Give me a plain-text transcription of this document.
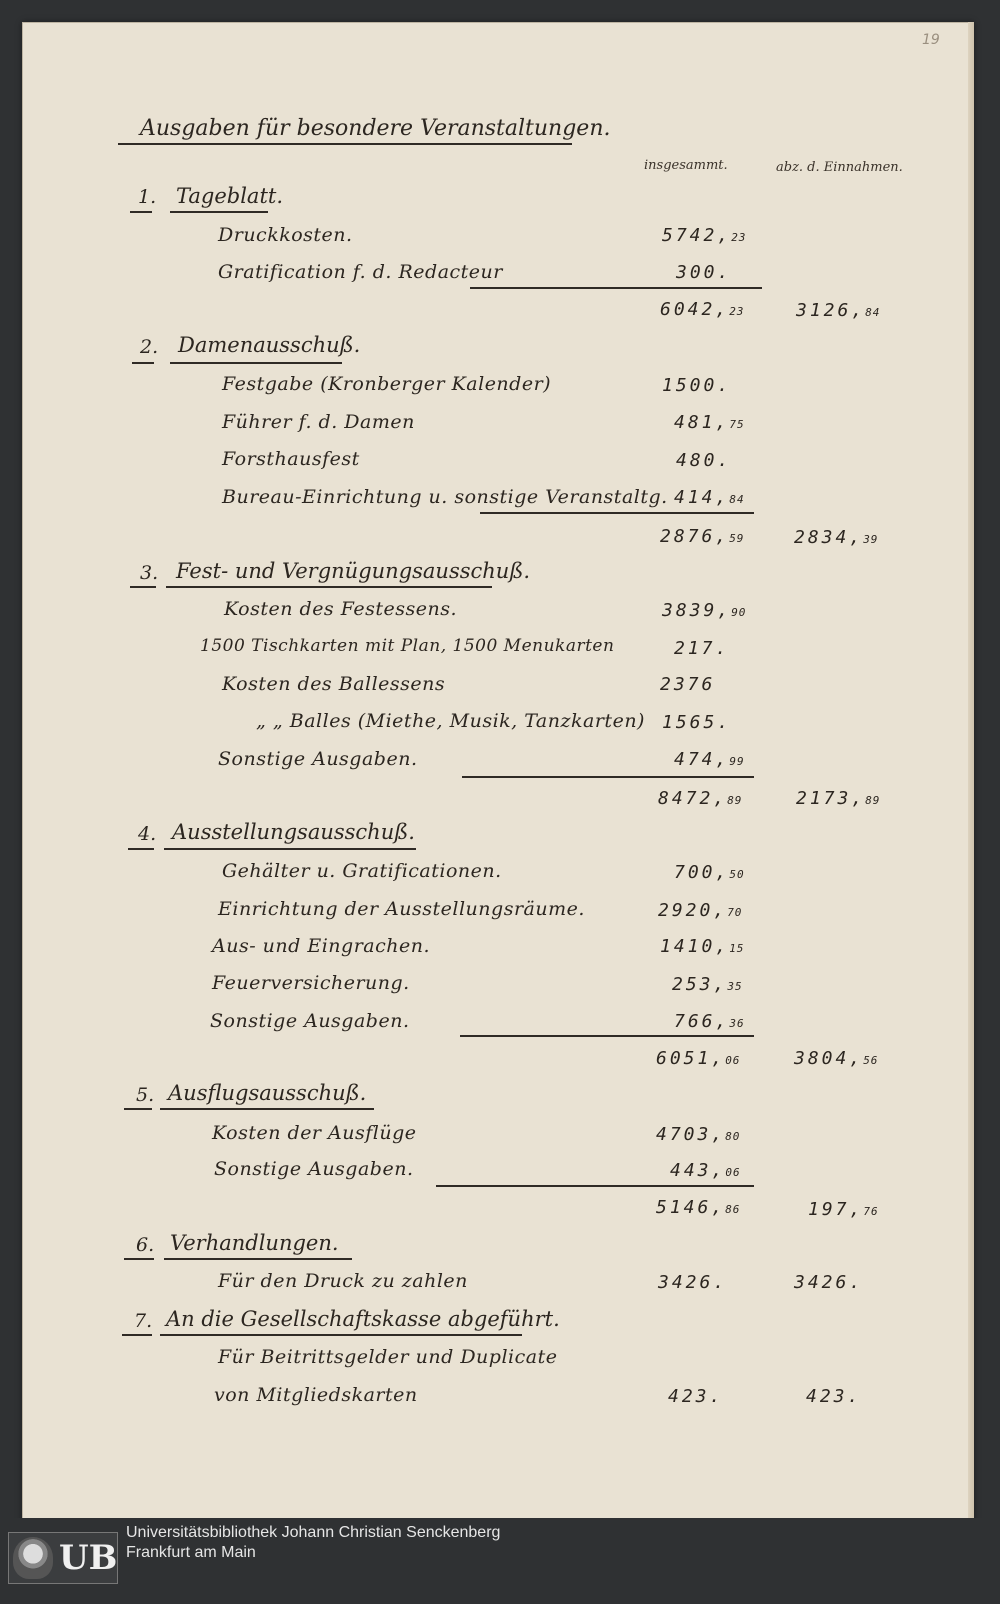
19
Ausgaben für besondere Veranstaltungen.
insgesammt.	abz. d. Einnahmen.
1. Tageblatt.
Druckkosten.	5742,23
Gratification f. d. Redacteur	300.
6042,23	3126,84
2. Damenausschuß.
Festgabe (Kronberger Kalender)	1500.
Führer f. d. Damen	481,75
Forsthausfest	480.
Bureau-Einrichtung u. sonstige Veranstaltg. 414,84
2876,59	2834,39
3. Fest- und Vergnügungsausschuß.
Kosten des Festessens.	3839,90
1500 Tischkarten mit Plan, 1500 Menukarten	217.
Kosten des Ballessens	2376
„ „ Balles (Miethe, Musik, Tanzkarten) 1565.
Sonstige Ausgaben.	474,99
8472,89	2173,89
4. Ausstellungsausschuß.
Gehälter u. Gratificationen.	700,50
Einrichtung der Ausstellungsräume.	2920,70
Aus- und Eingrachen.	1410,15
Feuerversicherung.	253,35
Sonstige Ausgaben.	766,36
6051,06	3804,56
5. Ausflugsausschuß.
Kosten der Ausflüge	4703,80
Sonstige Ausgaben.	443,06
5146,86	197,76
6. Verhandlungen.
Für den Druck zu zahlen	3426.	3426.
7. An die Gesellschaftskasse abgeführt.
Für Beitrittsgelder und Duplicate
von Mitgliedskarten	423.	423.
UB
Universitätsbibliothek Johann Christian Senckenberg
Frankfurt am Main
